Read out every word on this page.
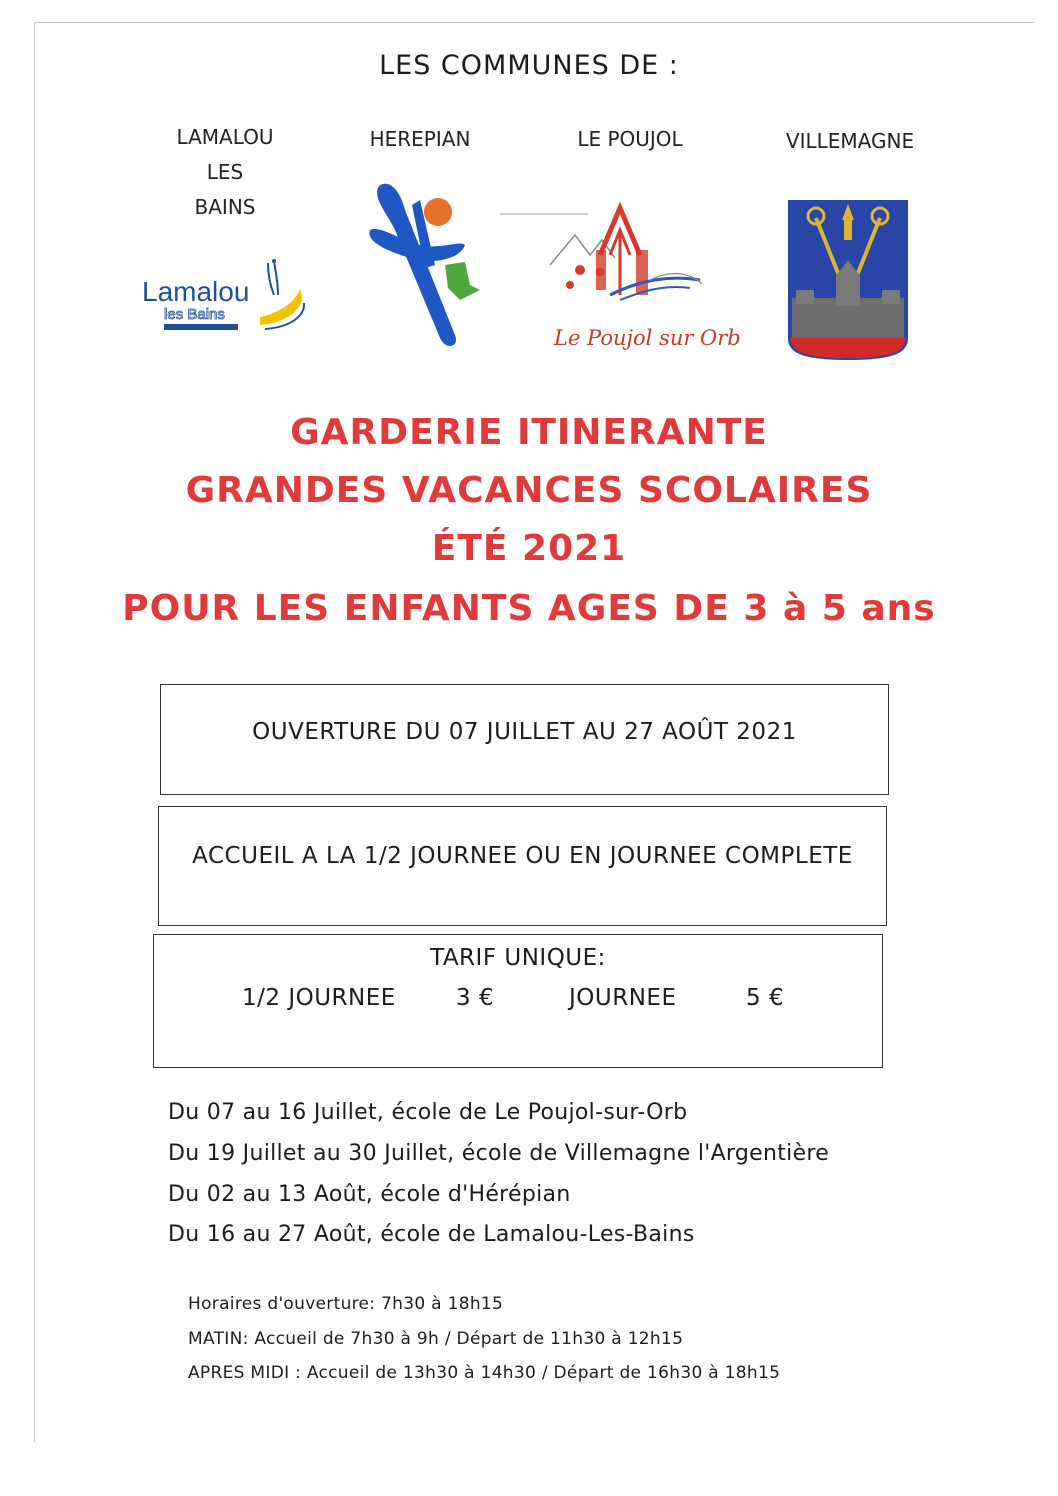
LES COMMUNES DE :
LAMALOU
LES
BAINS
HEREPIAN	LE POUJOL	VILLEMAGNE
Lamalou
les Bains
Le Poujol sur Orb
GARDERIE ITINERANTE
GRANDES VACANCES SCOLAIRES
ÉTÉ 2021
POUR LES ENFANTS AGES DE 3 à 5 ans
OUVERTURE DU 07 JUILLET AU 27 AOÛT 2021
ACCUEIL A LA 1/2 JOURNEE OU EN JOURNEE COMPLETE
TARIF UNIQUE:
1/2 JOURNEE	3 €	JOURNEE	5 €
Du 07 au 16 Juillet, école de Le Poujol-sur-Orb
Du 19 Juillet au 30 Juillet, école de Villemagne l'Argentière
Du 02 au 13 Août, école d'Hérépian
Du 16 au 27 Août, école de Lamalou-Les-Bains
Horaires d'ouverture: 7h30 à 18h15
MATIN: Accueil de 7h30 à 9h / Départ de 11h30 à 12h15
APRES MIDI : Accueil de 13h30 à 14h30 / Départ de 16h30 à 18h15
